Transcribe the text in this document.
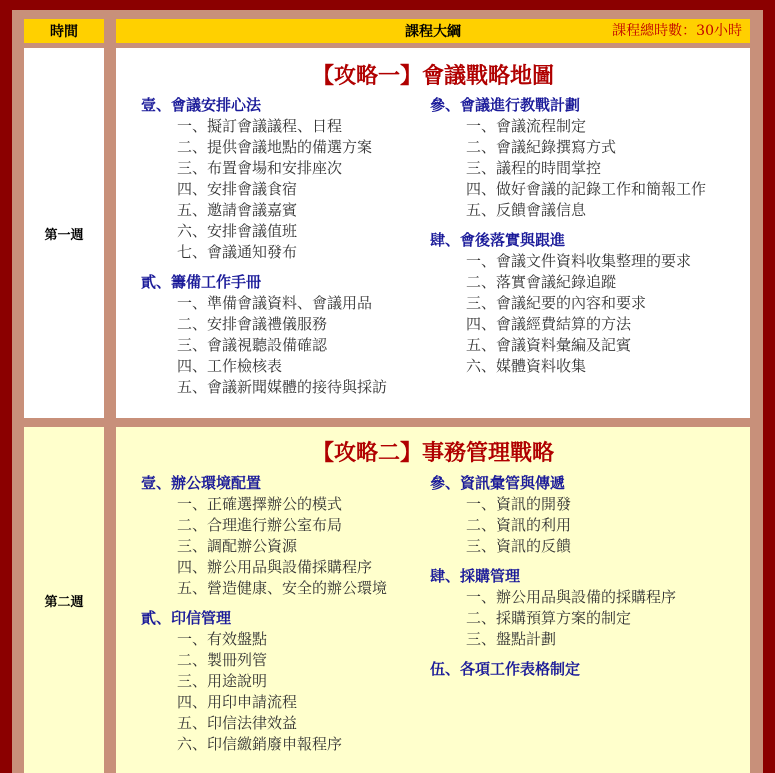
時間	課程大綱	課程總時數：30小時
第一週
【攻略一】會議戰略地圖
壹、會議安排心法
一、擬訂會議議程、日程
二、提供會議地點的備選方案
三、布置會場和安排座次
四、安排會議食宿
五、邀請會議嘉賓
六、安排會議值班
七、會議通知發布
貳、籌備工作手冊
一、準備會議資料、會議用品
二、安排會議禮儀服務
三、會議視聽設備確認
四、工作檢核表
五、會議新聞媒體的接待與採訪
參、會議進行教戰計劃
一、會議流程制定
二、會議紀錄撰寫方式
三、議程的時間掌控
四、做好會議的記錄工作和簡報工作
五、反饋會議信息
肆、會後落實與跟進
一、會議文件資料收集整理的要求
二、落實會議紀錄追蹤
三、會議紀要的內容和要求
四、會議經費結算的方法
五、會議資料彙編及記賓
六、媒體資料收集
第二週
【攻略二】事務管理戰略
壹、辦公環境配置
一、正確選擇辦公的模式
二、合理進行辦公室布局
三、調配辦公資源
四、辦公用品與設備採購程序
五、營造健康、安全的辦公環境
貳、印信管理
一、有效盤點
二、製冊列管
三、用途說明
四、用印申請流程
五、印信法律效益
六、印信繳銷廢申報程序
參、資訊彙管與傳遞
一、資訊的開發
二、資訊的利用
三、資訊的反饋
肆、採購管理
一、辦公用品與設備的採購程序
二、採購預算方案的制定
三、盤點計劃
伍、各項工作表格制定
